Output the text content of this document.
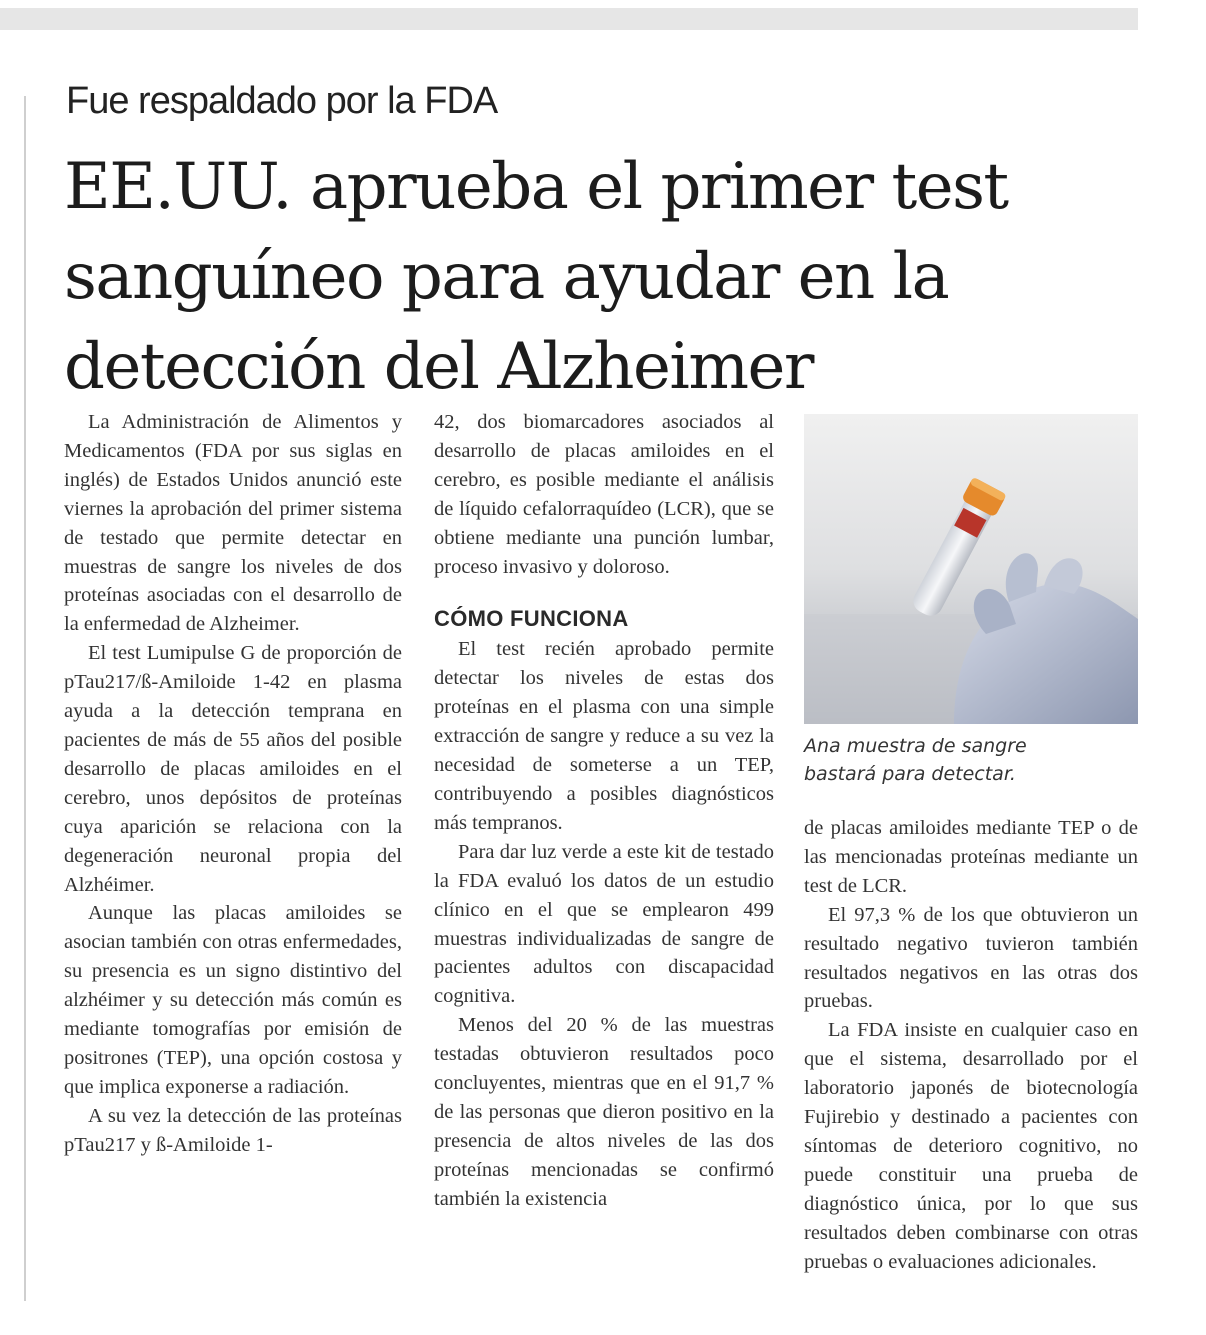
Fue respaldado por la FDA
EE.UU. aprueba el primer test
sanguíneo para ayudar en la
detección del Alzheimer

La Administración de Alimentos y Medicamentos (FDA por sus siglas en inglés) de Estados Unidos anunció este viernes la aprobación del primer sistema de testado que permite detectar en muestras de sangre los niveles de dos proteínas asociadas con el desarrollo de la enfermedad de Alzheimer.

El test Lumipulse G de proporción de pTau217/ß-Amiloide 1-42 en plasma ayuda a la detección temprana en pacientes de más de 55 años del posible desarrollo de placas amiloides en el cerebro, unos depósitos de proteínas cuya aparición se relaciona con la degeneración neuronal propia del Alzhéimer.

Aunque las placas amiloides se asocian también con otras enfermedades, su presencia es un signo distintivo del alzhéimer y su detección más común es mediante tomografías por emisión de positrones (TEP), una opción costosa y que implica exponerse a radiación.

A su vez la detección de las proteínas pTau217 y ß-Amiloide 1-

42, dos biomarcadores asociados al desarrollo de placas amiloides en el cerebro, es posible mediante el análisis de líquido cefalorraquídeo (LCR), que se obtiene mediante una punción lumbar, proceso invasivo y doloroso.

CÓMO FUNCIONA

El test recién aprobado permite detectar los niveles de estas dos proteínas en el plasma con una simple extracción de sangre y reduce a su vez la necesidad de someterse a un TEP, contribuyendo a posibles diagnósticos más tempranos.

Para dar luz verde a este kit de testado la FDA evaluó los datos de un estudio clínico en el que se emplearon 499 muestras individualizadas de sangre de pacientes adultos con discapacidad cognitiva.

Menos del 20 % de las muestras testadas obtuvieron resultados poco concluyentes, mientras que en el 91,7 % de las personas que dieron positivo en la presencia de altos niveles de las dos proteínas mencionadas se confirmó también la existencia

Ana muestra de sangre
bastará para detectar.

de placas amiloides mediante TEP o de las mencionadas proteínas mediante un test de LCR.

El 97,3 % de los que obtuvieron un resultado negativo tuvieron también resultados negativos en las otras dos pruebas.

La FDA insiste en cualquier caso en que el sistema, desarrollado por el laboratorio japonés de biotecnología Fujirebio y destinado a pacientes con síntomas de deterioro cognitivo, no puede constituir una prueba de diagnóstico única, por lo que sus resultados deben combinarse con otras pruebas o evaluaciones adicionales.
